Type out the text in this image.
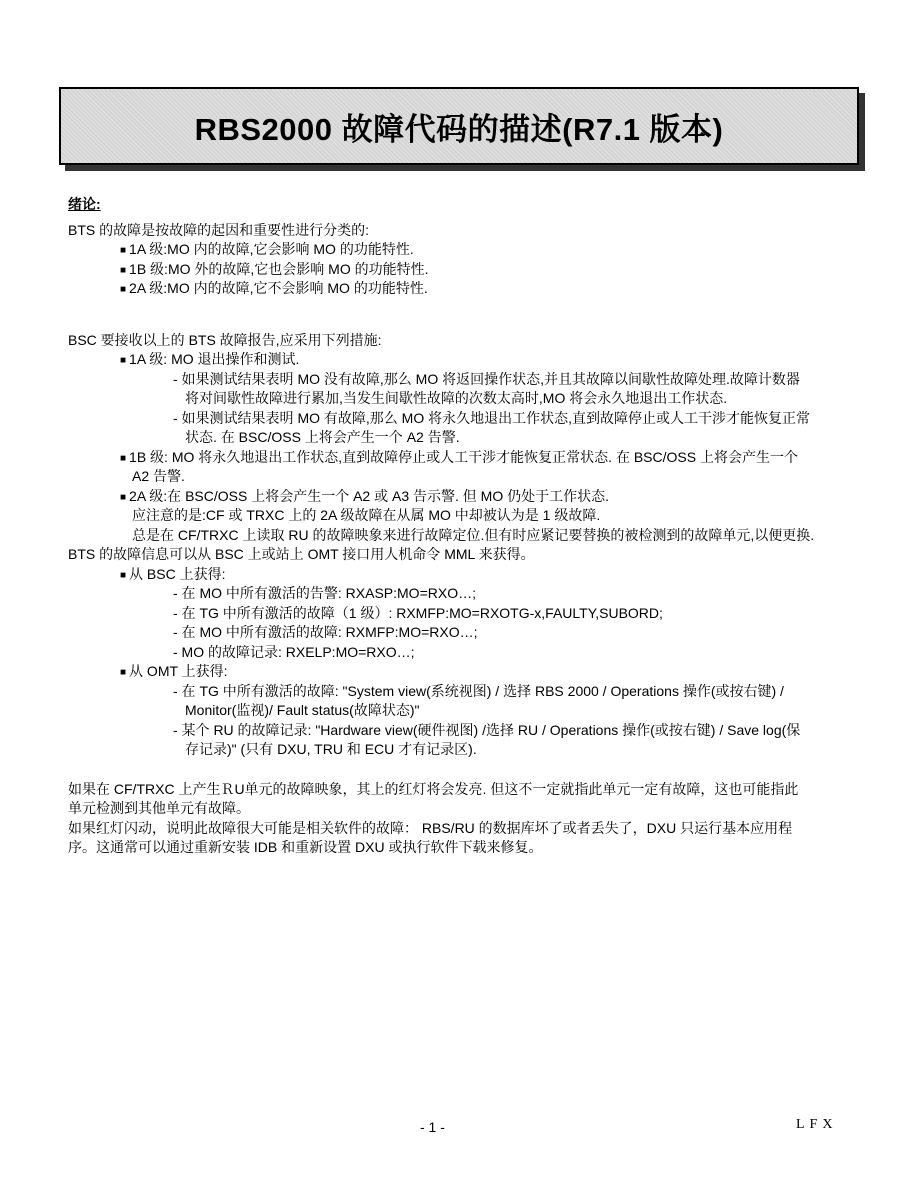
RBS2000 故障代码的描述(R7.1 版本)
绪论:
BTS 的故障是按故障的起因和重要性进行分类的:
■ 1A 级:MO 内的故障,它会影响 MO 的功能特性.
■ 1B 级:MO 外的故障,它也会影响 MO 的功能特性.
■ 2A 级:MO 内的故障,它不会影响 MO 的功能特性.
BSC 要接收以上的 BTS 故障报告,应采用下列措施:
■ 1A 级: MO 退出操作和测试.
- 如果测试结果表明 MO 没有故障,那么 MO 将返回操作状态,并且其故障以间歇性故障处理.故障计数器
将对间歇性故障进行累加,当发生间歇性故障的次数太高时,MO 将会永久地退出工作状态.
- 如果测试结果表明 MO 有故障,那么 MO 将永久地退出工作状态,直到故障停止或人工干涉才能恢复正常
状态. 在 BSC/OSS 上将会产生一个 A2 告警.
■ 1B 级: MO 将永久地退出工作状态,直到故障停止或人工干涉才能恢复正常状态. 在 BSC/OSS 上将会产生一个
A2 告警.
■ 2A 级:在 BSC/OSS 上将会产生一个 A2 或 A3 告示警. 但 MO 仍处于工作状态.
应注意的是:CF 或 TRXC 上的 2A 级故障在从属 MO 中却被认为是 1 级故障.
总是在 CF/TRXC 上读取 RU 的故障映象来进行故障定位.但有时应紧记要替换的被检测到的故障单元,以便更换.
BTS 的故障信息可以从 BSC 上或站上 OMT 接口用人机命令 MML 来获得。
■ 从 BSC 上获得:
- 在 MO 中所有激活的告警: RXASP:MO=RXO…;
- 在 TG 中所有激活的故障（1 级）: RXMFP:MO=RXOTG-x,FAULTY,SUBORD;
- 在 MO 中所有激活的故障: RXMFP:MO=RXO…;
- MO 的故障记录: RXELP:MO=RXO…;
■ 从 OMT 上获得:
- 在 TG 中所有激活的故障: "System view(系统视图) / 选择 RBS 2000 / Operations 操作(或按右键) /
Monitor(监视)/ Fault status(故障状态)"
- 某个 RU 的故障记录: "Hardware view(硬件视图) /选择 RU / Operations 操作(或按右键) / Save log(保
存记录)" (只有 DXU, TRU 和 ECU 才有记录区).
如果在 CF/TRXC 上产生ＲU单元的故障映象，其上的红灯将会发亮. 但这不一定就指此单元一定有故障，这也可能指此
单元检测到其他单元有故障。
如果红灯闪动，说明此故障很大可能是相关软件的故障： RBS/RU 的数据库坏了或者丢失了，DXU 只运行基本应用程
序。这通常可以通过重新安装 IDB 和重新设置 DXU 或执行软件下载来修复。
- 1 -	LFX
